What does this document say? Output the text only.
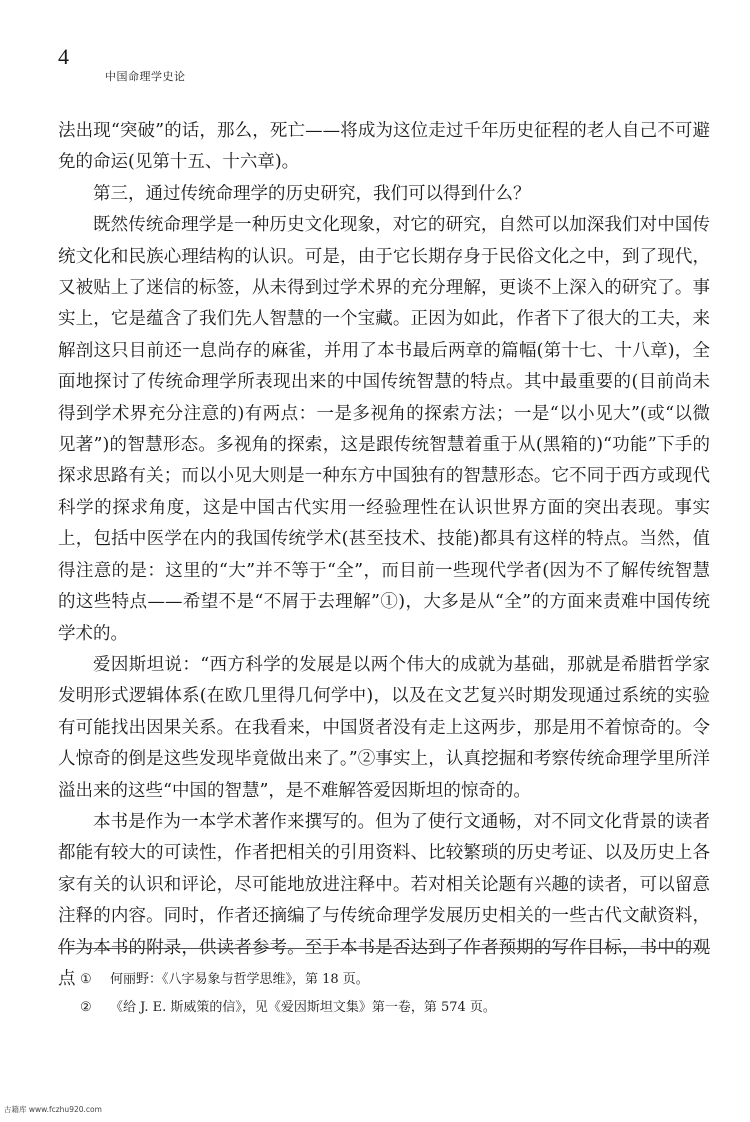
4
中国命理学史论

法出现“突破”的话，那么，死亡——将成为这位走过千年历史征程的老人自己不可避免的命运(见第十五、十六章)。

第三，通过传统命理学的历史研究，我们可以得到什么？

既然传统命理学是一种历史文化现象，对它的研究，自然可以加深我们对中国传统文化和民族心理结构的认识。可是，由于它长期存身于民俗文化之中，到了现代，又被贴上了迷信的标签，从未得到过学术界的充分理解，更谈不上深入的研究了。事实上，它是蕴含了我们先人智慧的一个宝藏。正因为如此，作者下了很大的工夫，来解剖这只目前还一息尚存的麻雀，并用了本书最后两章的篇幅(第十七、十八章)，全面地探讨了传统命理学所表现出来的中国传统智慧的特点。其中最重要的(目前尚未得到学术界充分注意的)有两点：一是多视角的探索方法；一是“以小见大”(或“以微见著”)的智慧形态。多视角的探索，这是跟传统智慧着重于从(黑箱的)“功能”下手的探求思路有关；而以小见大则是一种东方中国独有的智慧形态。它不同于西方或现代科学的探求角度，这是中国古代实用一经验理性在认识世界方面的突出表现。事实上，包括中医学在内的我国传统学术(甚至技术、技能)都具有这样的特点。当然，值得注意的是：这里的“大”并不等于“全”，而目前一些现代学者(因为不了解传统智慧的这些特点——希望不是“不屑于去理解”①)，大多是从“全”的方面来责难中国传统学术的。

爱因斯坦说：“西方科学的发展是以两个伟大的成就为基础，那就是希腊哲学家发明形式逻辑体系(在欧几里得几何学中)，以及在文艺复兴时期发现通过系统的实验有可能找出因果关系。在我看来，中国贤者没有走上这两步，那是用不着惊奇的。令人惊奇的倒是这些发现毕竟做出来了。”②事实上，认真挖掘和考察传统命理学里所洋溢出来的这些“中国的智慧”，是不难解答爱因斯坦的惊奇的。

本书是作为一本学术著作来撰写的。但为了使行文通畅，对不同文化背景的读者都能有较大的可读性，作者把相关的引用资料、比较繁琐的历史考证、以及历史上各家有关的认识和评论，尽可能地放进注释中。若对相关论题有兴趣的读者，可以留意注释的内容。同时，作者还摘编了与传统命理学发展历史相关的一些古代文献资料，作为本书的附录，供读者参考。至于本书是否达到了作者预期的写作目标，书中的观点 ①	何丽野：《八字易象与哲学思维》，第 18 页。
②	《给 J. E. 斯威策的信》，见《爱因斯坦文集》第一卷，第 574 页。
古籍库 www.fczhu920.com
